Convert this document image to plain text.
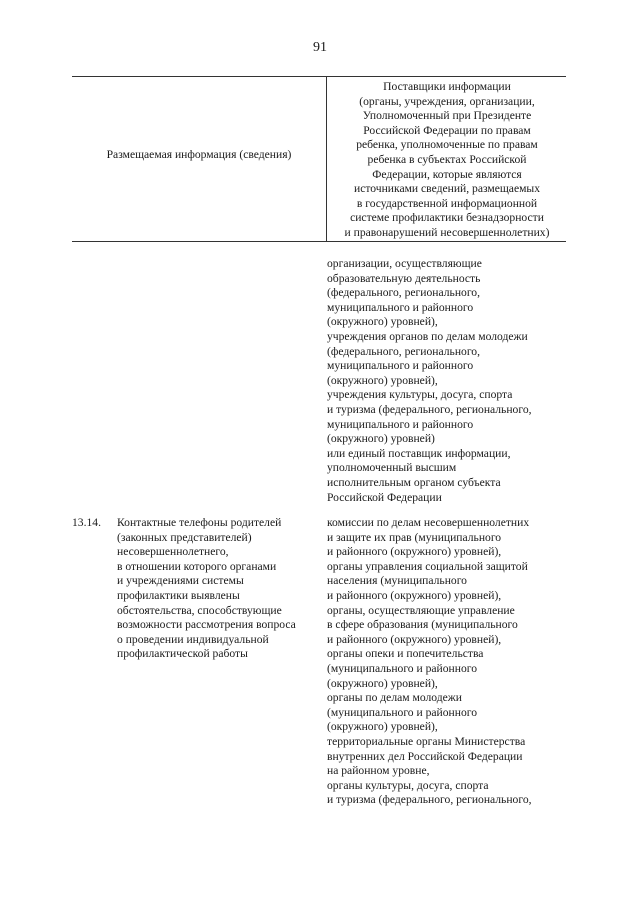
91
Размещаемая информация (сведения)
Поставщики информации
(органы, учреждения, организации,
Уполномоченный при Президенте
Российской Федерации по правам
ребенка, уполномоченные по правам
ребенка в субъектах Российской
Федерации, которые являются
источниками сведений, размещаемых
в государственной информационной
системе профилактики безнадзорности
и правонарушений несовершеннолетних)
организации, осуществляющие
образовательную деятельность
(федерального, регионального,
муниципального и районного
(окружного) уровней),
учреждения органов по делам молодежи
(федерального, регионального,
муниципального и районного
(окружного) уровней),
учреждения культуры, досуга, спорта
и туризма (федерального, регионального,
муниципального и районного
(окружного) уровней)
или единый поставщик информации,
уполномоченный высшим
исполнительным органом субъекта
Российской Федерации
13.14.	Контактные телефоны родителей
(законных представителей)
несовершеннолетнего,
в отношении которого органами
и учреждениями системы
профилактики выявлены
обстоятельства, способствующие
возможности рассмотрения вопроса
о проведении индивидуальной
профилактической работы
комиссии по делам несовершеннолетних
и защите их прав (муниципального
и районного (окружного) уровней),
органы управления социальной защитой
населения (муниципального
и районного (окружного) уровней),
органы, осуществляющие управление
в сфере образования (муниципального
и районного (окружного) уровней),
органы опеки и попечительства
(муниципального и районного
(окружного) уровней),
органы по делам молодежи
(муниципального и районного
(окружного) уровней),
территориальные органы Министерства
внутренних дел Российской Федерации
на районном уровне,
органы культуры, досуга, спорта
и туризма (федерального, регионального,
